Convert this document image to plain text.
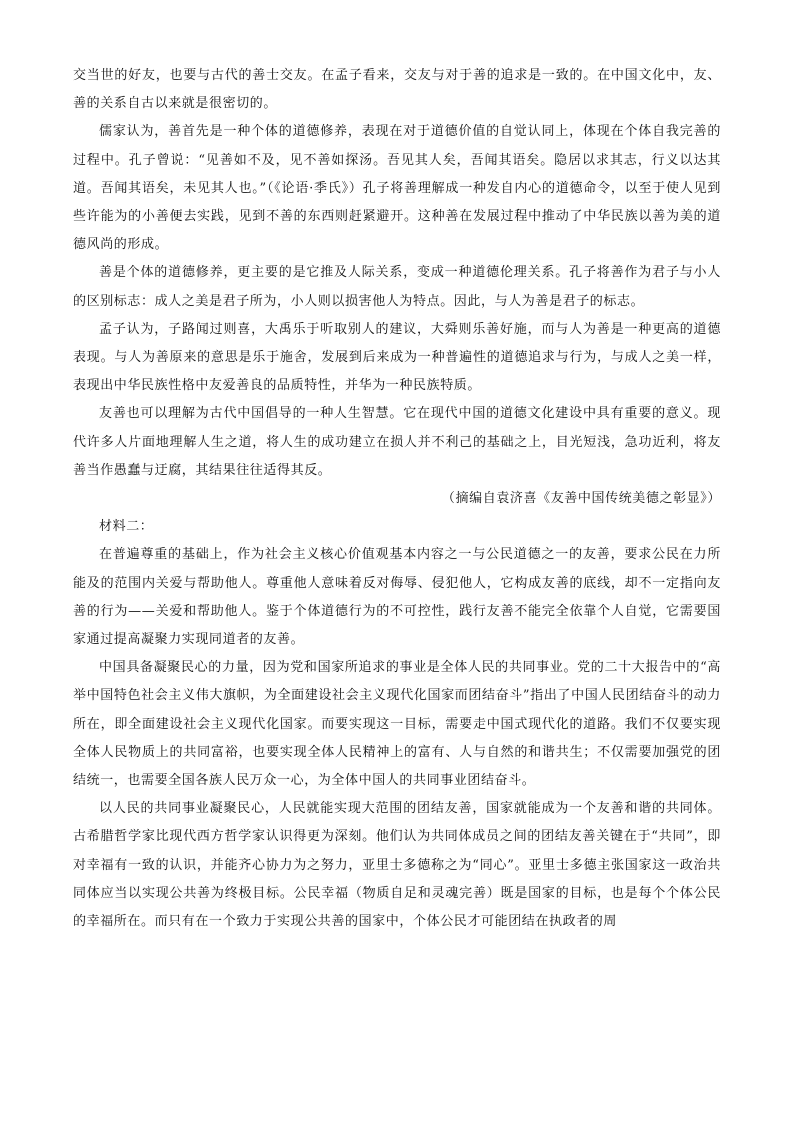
交当世的好友，也要与古代的善士交友。在孟子看来，交友与对于善的追求是一致的。在中国文化中，友、善的关系自古以来就是很密切的。

儒家认为，善首先是一种个体的道德修养，表现在对于道德价值的自觉认同上，体现在个体自我完善的过程中。孔子曾说：“见善如不及，见不善如探汤。吾见其人矣，吾闻其语矣。隐居以求其志，行义以达其道。吾闻其语矣，未见其人也。”（《论语·季氏》）孔子将善理解成一种发自内心的道德命令，以至于使人见到些许能为的小善便去实践，见到不善的东西则赶紧避开。这种善在发展过程中推动了中华民族以善为美的道德风尚的形成。

善是个体的道德修养，更主要的是它推及人际关系，变成一种道德伦理关系。孔子将善作为君子与小人的区别标志：成人之美是君子所为，小人则以损害他人为特点。因此，与人为善是君子的标志。

孟子认为，子路闻过则喜，大禹乐于听取别人的建议，大舜则乐善好施，而与人为善是一种更高的道德表现。与人为善原来的意思是乐于施舍，发展到后来成为一种普遍性的道德追求与行为，与成人之美一样，表现出中华民族性格中友爱善良的品质特性，并华为一种民族特质。

友善也可以理解为古代中国倡导的一种人生智慧。它在现代中国的道德文化建设中具有重要的意义。现代许多人片面地理解人生之道，将人生的成功建立在损人并不利己的基础之上，目光短浅，急功近利，将友善当作愚蠢与迂腐，其结果往往适得其反。

（摘编自袁济喜《友善中国传统美德之彰显》）

材料二：

在普遍尊重的基础上，作为社会主义核心价值观基本内容之一与公民道德之一的友善，要求公民在力所能及的范围内关爱与帮助他人。尊重他人意味着反对侮辱、侵犯他人，它构成友善的底线，却不一定指向友善的行为——关爱和帮助他人。鉴于个体道德行为的不可控性，践行友善不能完全依靠个人自觉，它需要国家通过提高凝聚力实现同道者的友善。

中国具备凝聚民心的力量，因为党和国家所追求的事业是全体人民的共同事业。党的二十大报告中的“高举中国特色社会主义伟大旗帜，为全面建设社会主义现代化国家而团结奋斗”指出了中国人民团结奋斗的动力所在，即全面建设社会主义现代化国家。而要实现这一目标，需要走中国式现代化的道路。我们不仅要实现全体人民物质上的共同富裕，也要实现全体人民精神上的富有、人与自然的和谐共生；不仅需要加强党的团结统一，也需要全国各族人民万众一心，为全体中国人的共同事业团结奋斗。

以人民的共同事业凝聚民心，人民就能实现大范围的团结友善，国家就能成为一个友善和谐的共同体。古希腊哲学家比现代西方哲学家认识得更为深刻。他们认为共同体成员之间的团结友善关键在于“共同”，即对幸福有一致的认识，并能齐心协力为之努力，亚里士多德称之为“同心”。亚里士多德主张国家这一政治共同体应当以实现公共善为终极目标。公民幸福（物质自足和灵魂完善）既是国家的目标，也是每个个体公民的幸福所在。而只有在一个致力于实现公共善的国家中，个体公民才可能团结在执政者的周
